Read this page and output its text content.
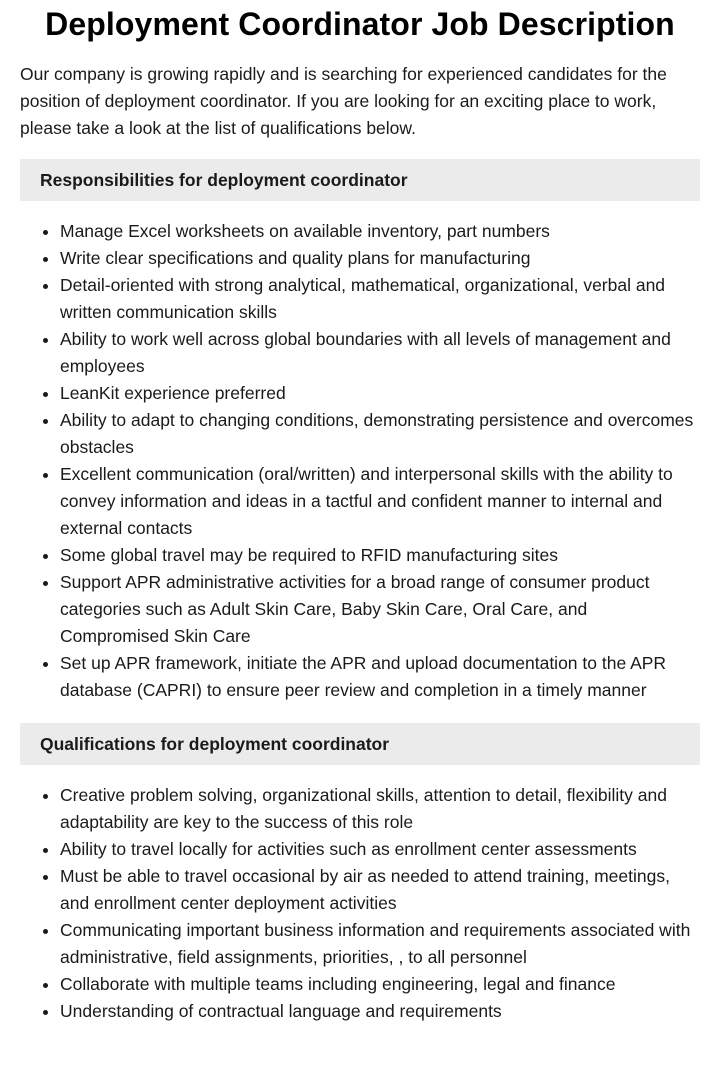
Deployment Coordinator Job Description

Our company is growing rapidly and is searching for experienced candidates for the position of deployment coordinator. If you are looking for an exciting place to work, please take a look at the list of qualifications below.

Responsibilities for deployment coordinator
• Manage Excel worksheets on available inventory, part numbers
• Write clear specifications and quality plans for manufacturing
• Detail-oriented with strong analytical, mathematical, organizational, verbal and written communication skills
• Ability to work well across global boundaries with all levels of management and employees
• LeanKit experience preferred
• Ability to adapt to changing conditions, demonstrating persistence and overcomes obstacles
• Excellent communication (oral/written) and interpersonal skills with the ability to convey information and ideas in a tactful and confident manner to internal and external contacts
• Some global travel may be required to RFID manufacturing sites
• Support APR administrative activities for a broad range of consumer product categories such as Adult Skin Care, Baby Skin Care, Oral Care, and Compromised Skin Care
• Set up APR framework, initiate the APR and upload documentation to the APR database (CAPRI) to ensure peer review and completion in a timely manner
Qualifications for deployment coordinator
• Creative problem solving, organizational skills, attention to detail, flexibility and adaptability are key to the success of this role
• Ability to travel locally for activities such as enrollment center assessments
• Must be able to travel occasional by air as needed to attend training, meetings, and enrollment center deployment activities
• Communicating important business information and requirements associated with administrative, field assignments, priorities, , to all personnel
• Collaborate with multiple teams including engineering, legal and finance
• Understanding of contractual language and requirements
